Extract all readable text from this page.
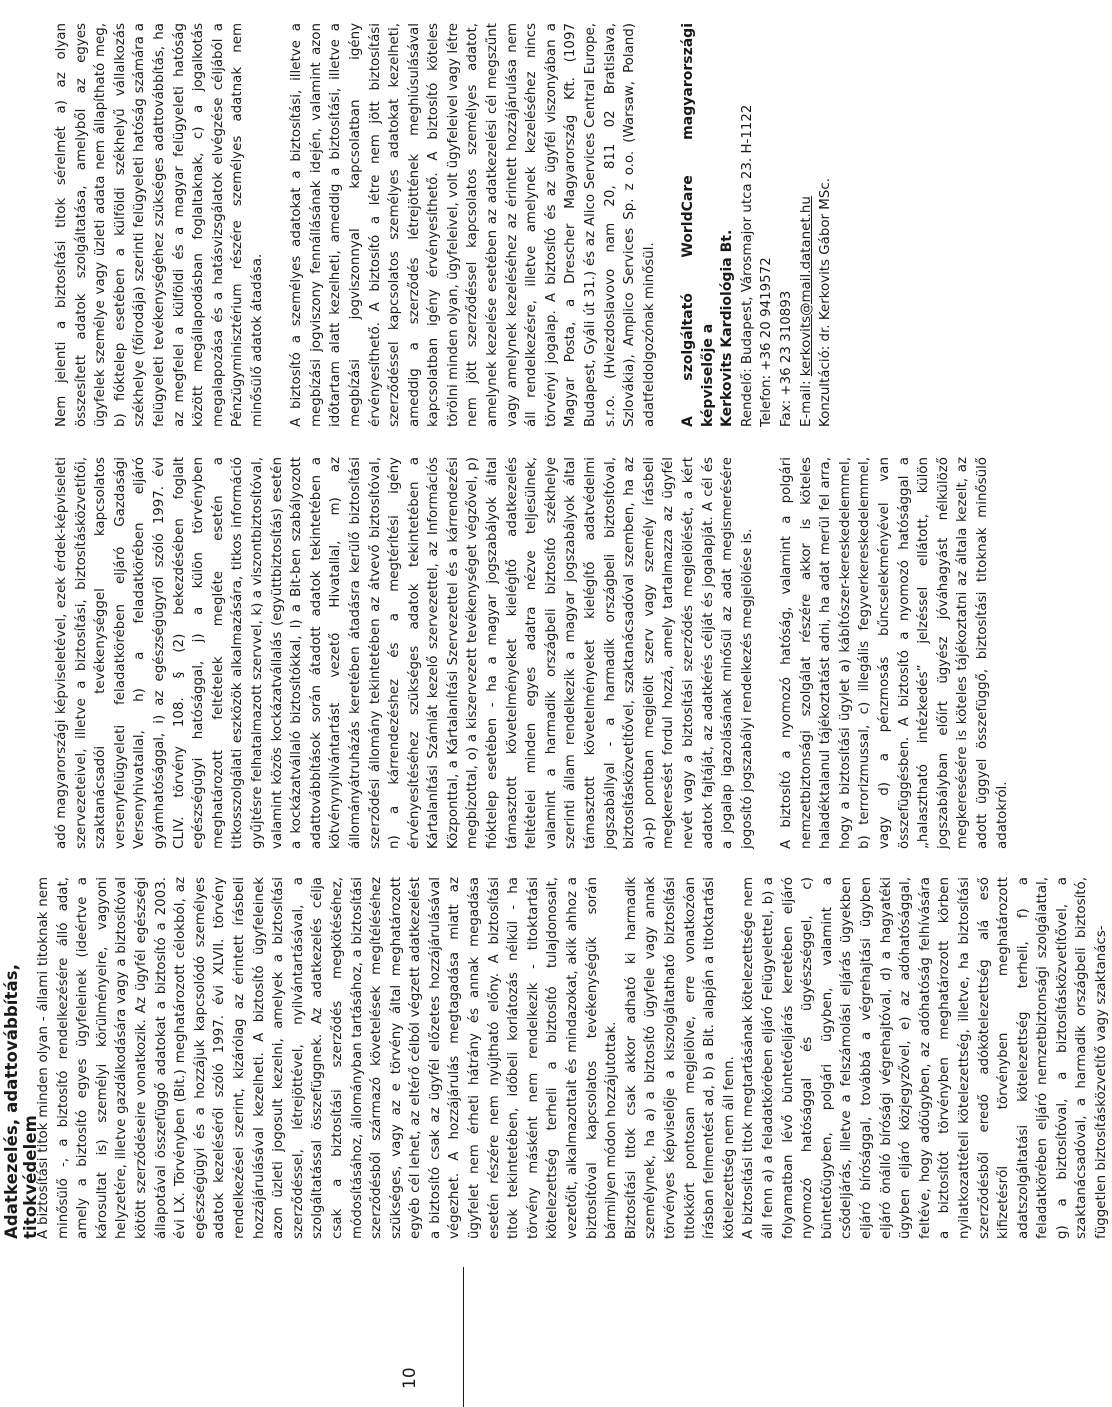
10
Adatkezelés, adattovábbítás, titokvédelem

A biztosítási titok minden olyan - állami titoknak nem minősülő -, a biztosító rendelkezésére álló adat, amely a biztosító egyes ügyfeleinek (ideértve a károsultat is) személyi körülményeire, vagyoni helyzetére, illetve gazdálkodására vagy a biztosítóval kötött szerződéseire vonatkozik. Az ügyfél egészségi állapotával összefüggő adatokat a biztosító a 2003. évi LX. Törvényben (Bit.) meghatározott célokból, az egészségügyi és a hozzájuk kapcsolódó személyes adatok kezeléséről szóló 1997. évi XLVII. törvény rendelkezései szerint, kizárólag az érintett írásbeli hozzájárulásával kezelheti. A biztosító ügyfeleinek azon üzleti jogosult kezelni, amelyek a biztosítási szerződéssel, létrejöttével, nyilvántartásával, a szolgáltatással összefüggnek. Az adatkezelés célja csak a biztosítási szerződés megkötéséhez, módosításához, állományban tartásához, a biztosítási szerződésből származó követelések megítéléséhez szükséges, vagy az e törvény által meghatározott egyéb cél lehet, az eltérő célból végzett adatkezelést a biztosító csak az ügyfél előzetes hozzájárulásával végezhet. A hozzájárulás megtagadása miatt az ügyfelet nem érheti hátrány és annak megadása esetén részére nem nyújtható előny. A biztosítási titok tekintetében, időbeli korlátozás nélkül - ha törvény másként nem rendelkezik - titoktartási kötelezettség terheli a biztosító tulajdonosait, vezetőit, alkalmazottait és mindazokat, akik ahhoz a biztosítóval kapcsolatos tevékenységük során bármilyen módon hozzájutottak. Biztosítási titok csak akkor adható ki harmadik személynek, ha a) a biztosító ügyfele vagy annak törvényes képviselője a kiszolgáltatható biztosítási titokkört pontosan megjelölve, erre vonatkozóan írásban felmentést ad, b) a Bit. alapján a titoktartási kötelezettség nem áll fenn. A biztosítási titok megtartásának kötelezettsége nem áll fenn a) a feladatkörében eljáró Felügyelettel, b) a folyamatban lévő büntetőeljárás keretében eljáró nyomozó hatósággal és ügyészséggel, c) büntetőügyben, polgári ügyben, valamint a csődeljárás, illetve a felszámolási eljárás ügyekben eljáró bírósággal, továbbá a végrehajtási ügyben eljáró önálló bírósági végrehajtóval, d) a hagyatéki ügyben eljáró közjegyzővel, e) az adóhatósággal, feltéve, hogy adóügyben, az adóhatóság felhívására a biztosítót törvényben meghatározott körben nyilatkozattételi kötelezettség, illetve, ha biztosítási szerződésből eredő adókötelezettség alá eső kifizetésről törvényben meghatározott adatszolgáltatási kötelezettség terheli, f) a feladatkörében eljáró nemzetbiztonsági szolgálattal, g) a biztosítóval, a biztosításközvetítővel, a szaktanácsadóval, a harmadik országbeli biztosító, független biztosításközvetítő vagy szaktanács-

adó magyarországi képviseletével, ezek érdek-képviseleti szervezeteivel, illetve a biztosítási, biztosításközvetítői, szaktanácsadói tevékenységgel kapcsolatos versenyfelügyeleti feladatkörében eljáró Gazdasági Versenyhivatallal, h) a feladatkörében eljáró gyámhatósággal, i) az egészségügyről szóló 1997. évi CLIV. törvény 108. § (2) bekezdésében foglalt egészségügyi hatósággal, j) a külön törvényben meghatározott feltételek megléte esetén a titkosszolgálati eszközök alkalmazására, titkos információ gyűjtésre felhatalmazott szervvel, k) a viszontbiztosítóval, valamint közös kockázatvállalás (együttbiztosítás) esetén a kockázatvállaló biztosítókkal, l) a Bit-ben szabályozott adattovábbítások során átadott adatok tekintetében a kötvénynyilvántartást vezető Hivatallal, m) az állományátruházás keretében átadásra kerülő biztosítási szerződési állomány tekintetében az átvevő biztosítóval, n) a kárrendezéshez és a megtérítési igény érvényesítéséhez szükséges adatok tekintetében a Kártalanítási Számlát kezelő szervezettel, az Információs Központtal, a Kártalanítási Szervezettel és a kárrendezési megbízottal, o) a kiszervezett tevékenységet végzővel, p) fióktelep esetében - ha a magyar jogszabályok által támasztott követelményeket kielégítő adatkezelés feltételei minden egyes adatra nézve teljesülnek, valamint a harmadik országbeli biztosító székhelye szerinti állam rendelkezik a magyar jogszabályok által támasztott követelményeket kielégítő adatvédelmi jogszabállyal - a harmadik országbeli biztosítóval, biztosításközvetítővel, szaktanácsadóval szemben, ha az a)-p) pontban megjelölt szerv vagy személy írásbeli megkeresést fordul hozzá, amely tartalmazza az ügyfél nevét vagy a biztosítási szerződés megjelölését, a kért adatok fajtáját, az adatkérés célját és jogalapját. A cél és a jogalap igazolásának minősül az adat megismerésére jogosító jogszabályi rendelkezés megjelölése is. A biztosító a nyomozó hatóság, valamint a polgári nemzetbiztonsági szolgálat részére akkor is köteles haladéktalanul tájékoztatást adni, ha adat merül fel arra, hogy a biztosítási ügylet a) kábítószer-kereskedelemmel, b) terrorizmussal, c) illegális fegyverkereskedelemmel, vagy d) a pénzmosás bűncselekményével van összefüggésben. A biztosító a nyomozó hatósággal a „halasztható intézkedés” jelzéssel ellátott, külön jogszabályban előírt ügyész jóváhagyást nélkülöző megkeresésére is köteles tájékoztatni az általa kezelt, az adott üggyel összefüggő, biztosítási titoknak minősülő adatokról.

Nem jelenti a biztosítási titok sérelmét a) az olyan összesített adatok szolgáltatása, amelyből az egyes ügyfelek személye vagy üzleti adata nem állapítható meg, b) fióktelep esetében a külföldi székhelyű vállalkozás székhelye (főirodája) szerinti felügyeleti hatóság számára a felügyeleti tevékenységéhez szükséges adattovábbítás, ha az megfelel a külföldi és a magyar felügyeleti hatóság között megállapodásban foglaltaknak, c) a jogalkotás megalapozása és a hatásvizsgálatok elvégzése céljából a Pénzügyminisztérium részére személyes adatnak nem minősülő adatok átadása. A biztosító a személyes adatokat a biztosítási, illetve a megbízási jogviszony fennállásának idején, valamint azon időtartam alatt kezelheti, ameddig a biztosítási, illetve a megbízási jogviszonnyal kapcsolatban igény érvényesíthető. A biztosító a létre nem jött biztosítási szerződéssel kapcsolatos személyes adatokat kezelheti, ameddig a szerződés létrejöttének meghiúsulásával kapcsolatban igény érvényesíthető. A biztosító köteles törölni minden olyan, ügyfeleivel, volt ügyfeleivel vagy létre nem jött szerződéssel kapcsolatos személyes adatot, amelynek kezelése esetében az adatkezelési cél megszűnt vagy amelynek kezeléséhez az érintett hozzájárulása nem áll rendelkezésre, illetve amelynek kezeléséhez nincs törvényi jogalap. A biztosító és az ügyfél viszonyában a Magyar Posta, a Drescher Magyarország Kft. (1097 Budapest, Gyáli út 31.) és az Alico Services Central Europe, s.r.o. (Hviezdoslavovo nam 20, 811 02 Bratislava, Szlovákia), Amplico Services Sp. z o.o. (Warsaw, Poland) adatfeldolgozónak minősül. A szolgáltató WorldCare magyarországi képviselője a Kerkovits Kardiológia Bt. Rendelő: Budapest, Városmajor utca 23. H-1122 Telefon: +36 20 9419572 Fax: +36 23 310893 E-mail: kerkovits@mail.datanet.hu Konzultáció: dr. Kerkovits Gábor MSc.
